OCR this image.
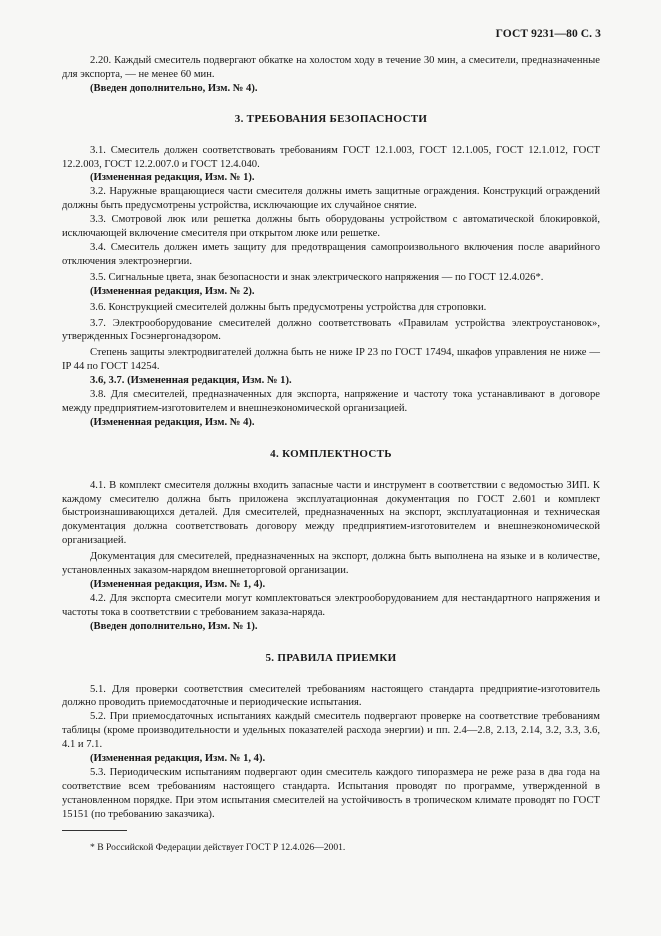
ГОСТ 9231—80 С. 3

2.20. Каждый смеситель подвергают обкатке на холостом ходу в течение 30 мин, а смесители, предназначенные для экспорта, — не менее 60 мин.

(Введен дополнительно, Изм. № 4).

3. ТРЕБОВАНИЯ БЕЗОПАСНОСТИ

3.1. Смеситель должен соответствовать требованиям ГОСТ 12.1.003, ГОСТ 12.1.005, ГОСТ 12.1.012, ГОСТ 12.2.003, ГОСТ 12.2.007.0 и ГОСТ 12.4.040.

(Измененная редакция, Изм. № 1).

3.2. Наружные вращающиеся части смесителя должны иметь защитные ограждения. Конструкций ограждений должны быть предусмотрены устройства, исключающие их случайное снятие.

3.3. Смотровой люк или решетка должны быть оборудованы устройством с автоматической блокировкой, исключающей включение смесителя при открытом люке или решетке.

3.4. Смеситель должен иметь защиту для предотвращения самопроизвольного включения после аварийного отключения электроэнергии.

3.5. Сигнальные цвета, знак безопасности и знак электрического напряжения — по ГОСТ 12.4.026*.

(Измененная редакция, Изм. № 2).

3.6. Конструкцией смесителей должны быть предусмотрены устройства для строповки.

3.7. Электрооборудование смесителей должно соответствовать «Правилам устройства электроустановок», утвержденных Госэнергонадзором.

Степень защиты электродвигателей должна быть не ниже IP 23 по ГОСТ 17494, шкафов управления не ниже — IP 44 по ГОСТ 14254.

3.6, 3.7. (Измененная редакция, Изм. № 1).

3.8. Для смесителей, предназначенных для экспорта, напряжение и частоту тока устанавливают в договоре между предприятием-изготовителем и внешнеэкономической организацией.

(Измененная редакция, Изм. № 4).

4. КОМПЛЕКТНОСТЬ

4.1. В комплект смесителя должны входить запасные части и инструмент в соответствии с ведомостью ЗИП. К каждому смесителю должна быть приложена эксплуатационная документация по ГОСТ 2.601 и комплект быстроизнашивающихся деталей. Для смесителей, предназначенных на экспорт, эксплуатационная и техническая документация должна соответствовать договору между предприятием-изготовителем и внешнеэкономической организацией.

Документация для смесителей, предназначенных на экспорт, должна быть выполнена на языке и в количестве, установленных заказом-нарядом внешнеторговой организации.

(Измененная редакция, Изм. № 1, 4).

4.2. Для экспорта смесители могут комплектоваться электрооборудованием для нестандартного напряжения и частоты тока в соответствии с требованием заказа-наряда.

(Введен дополнительно, Изм. № 1).

5. ПРАВИЛА ПРИЕМКИ

5.1. Для проверки соответствия смесителей требованиям настоящего стандарта предприятие-изготовитель должно проводить приемосдаточные и периодические испытания.

5.2. При приемосдаточных испытаниях каждый смеситель подвергают проверке на соответствие требованиям таблицы (кроме производительности и удельных показателей расхода энергии) и пп. 2.4—2.8, 2.13, 2.14, 3.2, 3.3, 3.6, 4.1 и 7.1.

(Измененная редакция, Изм. № 1, 4).

5.3. Периодическим испытаниям подвергают один смеситель каждого типоразмера не реже раза в два года на соответствие всем требованиям настоящего стандарта. Испытания проводят по программе, утвержденной в установленном порядке. При этом испытания смесителей на устойчивость в тропическом климате проводят по ГОСТ 15151 (по требованию заказчика).

* В Российской Федерации действует ГОСТ Р 12.4.026—2001.
